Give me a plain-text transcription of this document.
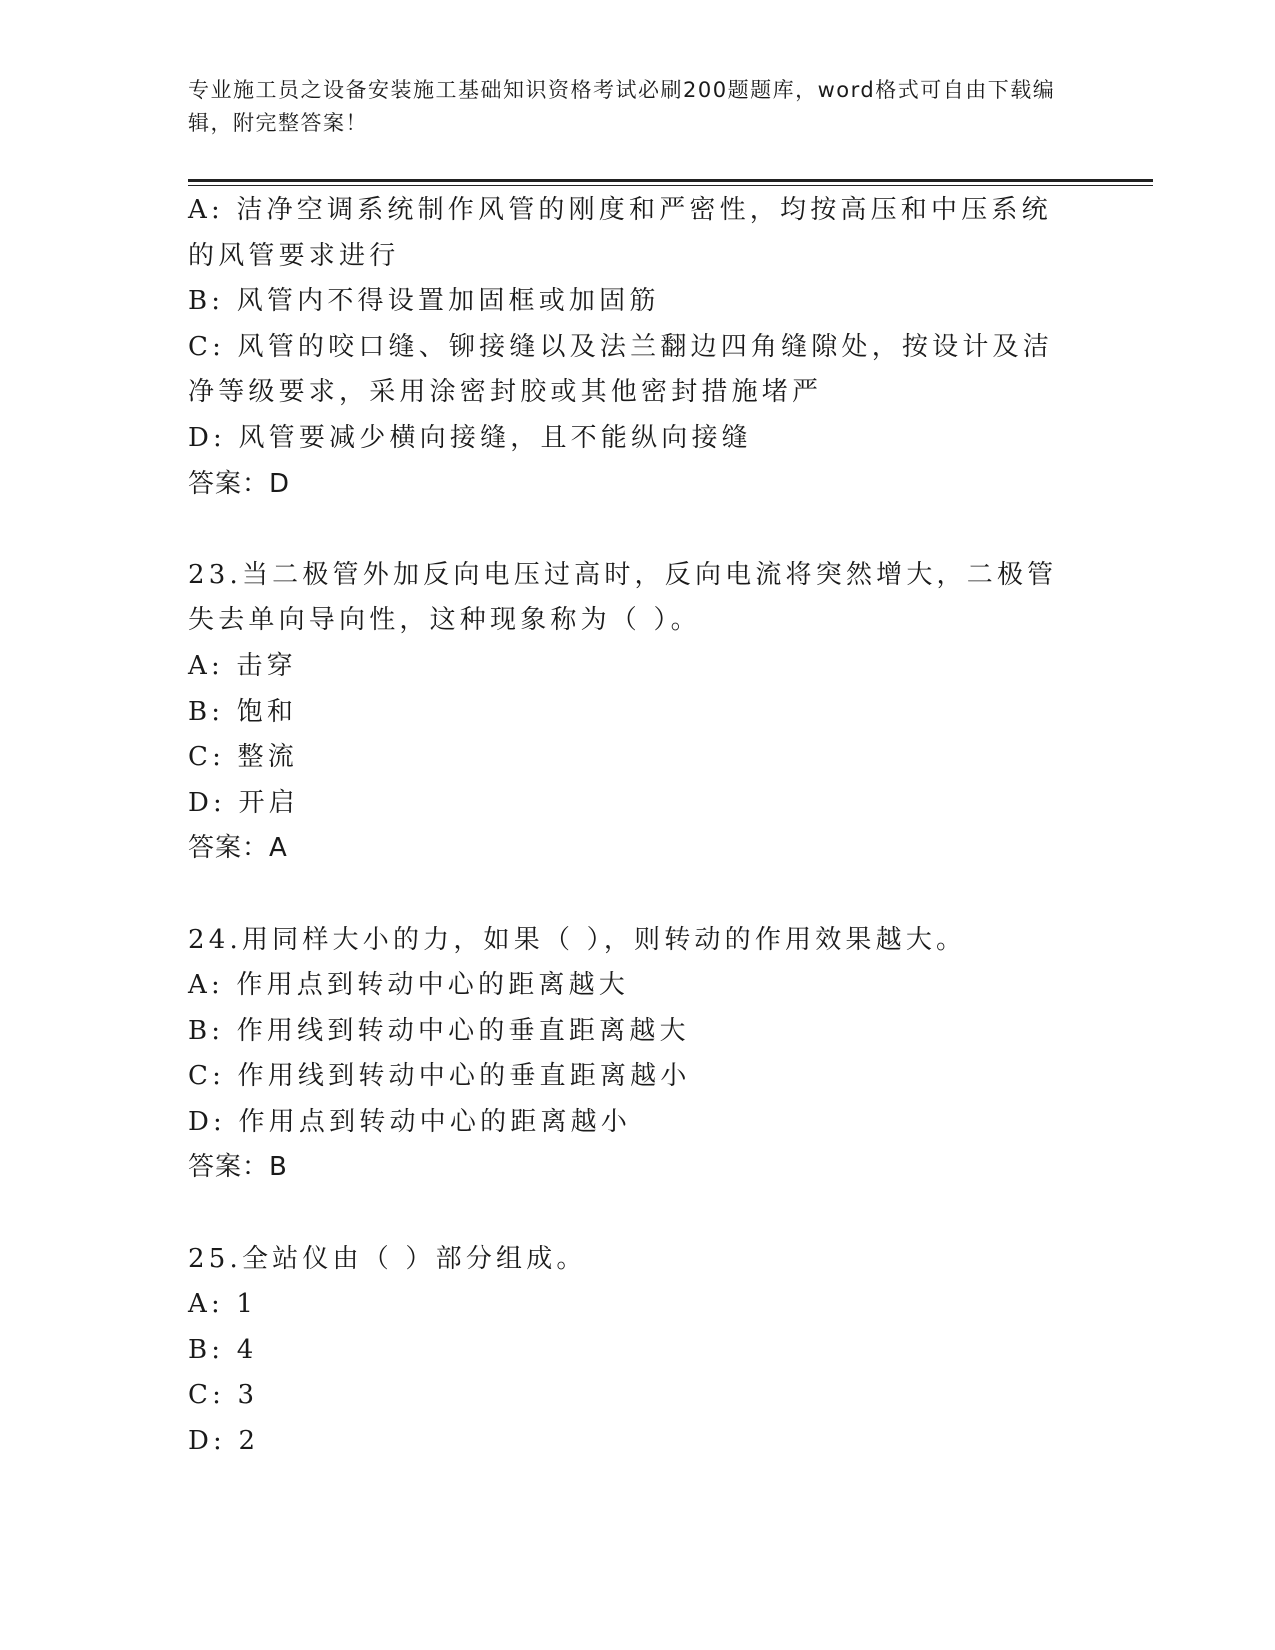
专业施工员之设备安装施工基础知识资格考试必刷200题题库，word格式可自由下载编辑，附完整答案！
A: 洁净空调系统制作风管的刚度和严密性，均按高压和中压系统的风管要求进行
B: 风管内不得设置加固框或加固筋
C: 风管的咬口缝、铆接缝以及法兰翻边四角缝隙处，按设计及洁净等级要求，采用涂密封胶或其他密封措施堵严
D: 风管要减少横向接缝，且不能纵向接缝
答案：D
23.当二极管外加反向电压过高时，反向电流将突然增大，二极管失去单向导向性，这种现象称为（ ）。
A: 击穿
B: 饱和
C: 整流
D: 开启
答案：A
24.用同样大小的力，如果（ ），则转动的作用效果越大。
A: 作用点到转动中心的距离越大
B: 作用线到转动中心的垂直距离越大
C: 作用线到转动中心的垂直距离越小
D: 作用点到转动中心的距离越小
答案：B
25.全站仪由（ ）部分组成。
A: 1
B: 4
C: 3
D: 2
